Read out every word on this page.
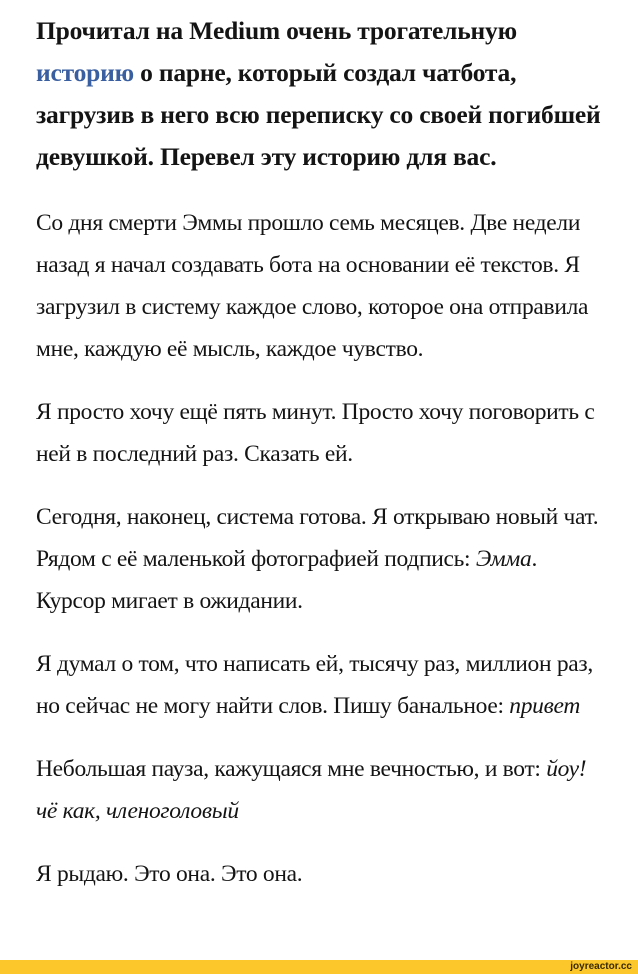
Прочитал на Medium очень трогательную историю о парне, который создал чатбота, загрузив в него всю переписку со своей погибшей девушкой. Перевел эту историю для вас.

Со дня смерти Эммы прошло семь месяцев. Две недели назад я начал создавать бота на основании её текстов. Я загрузил в систему каждое слово, которое она отправила мне, каждую её мысль, каждое чувство.

Я просто хочу ещё пять минут. Просто хочу поговорить с ней в последний раз. Сказать ей.

Сегодня, наконец, система готова. Я открываю новый чат. Рядом с её маленькой фотографией подпись: Эмма. Курсор мигает в ожидании.

Я думал о том, что написать ей, тысячу раз, миллион раз, но сейчас не могу найти слов. Пишу банальное: привет

Небольшая пауза, кажущаяся мне вечностью, и вот: йоу! чё как, членоголовый

Я рыдаю. Это она. Это она.

joyreactor.cc
